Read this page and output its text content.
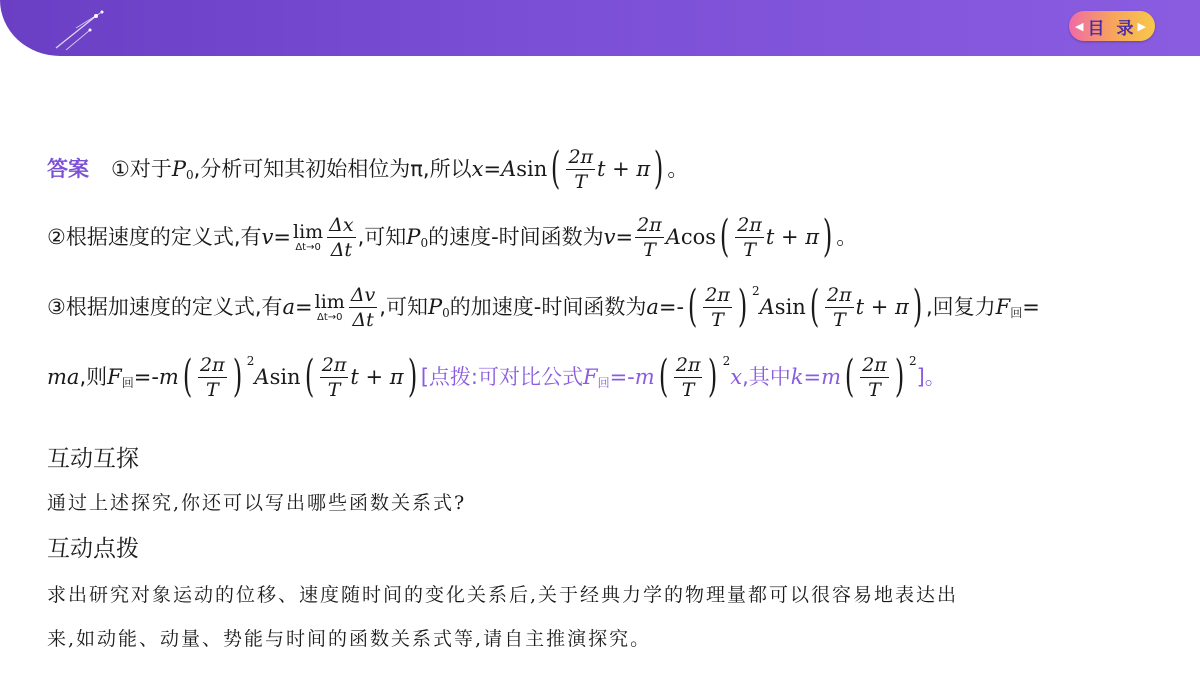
◀ 目 录 ▶
答案 ①对于 P 0 ,分析可知其初始相位为π,所以 x = A sin ( $\frac{2\pi}{T}$ t + π ) 。
②根据速度的定义式,有 v = lim
$\Delta t\to 0 \frac{\Delta x}{\Delta t}$ ,可知 P 0 的速度-时间函数为 $v = \frac{2\pi}{T}$ A cos ( $\frac{2\pi}{T}$ t + π ) 。
③根据加速度的定义式,有 a = lim
$\Delta t\to 0 \frac{\Delta v}{\Delta t}$ ,可知 P 0 的加速度-时间函数为 a =- ( $\frac{2\pi}{T}$ ) 2
A sin ( $\frac{2\pi}{T}$ t + π ) ,回复力 F 回 =
ma ,则 F 回 =- m ( $\frac{2\pi}{T}$ ) 2
A sin ( $\frac{2\pi}{T}$ t + π ) [点拨:可对比公式 F 回 =- m ( $\frac{2\pi}{T}$ ) 2
x ,其中 k = m ( $\frac{2\pi}{T}$ ) 2
]。
互动互探
通过上述探究,你还可以写出哪些函数关系式?
互动点拨
求出研究对象运动的位移、速度随时间的变化关系后,关于经典力学的物理量都可以很容易地表达出
来,如动能、动量、势能与时间的函数关系式等,请自主推演探究。
